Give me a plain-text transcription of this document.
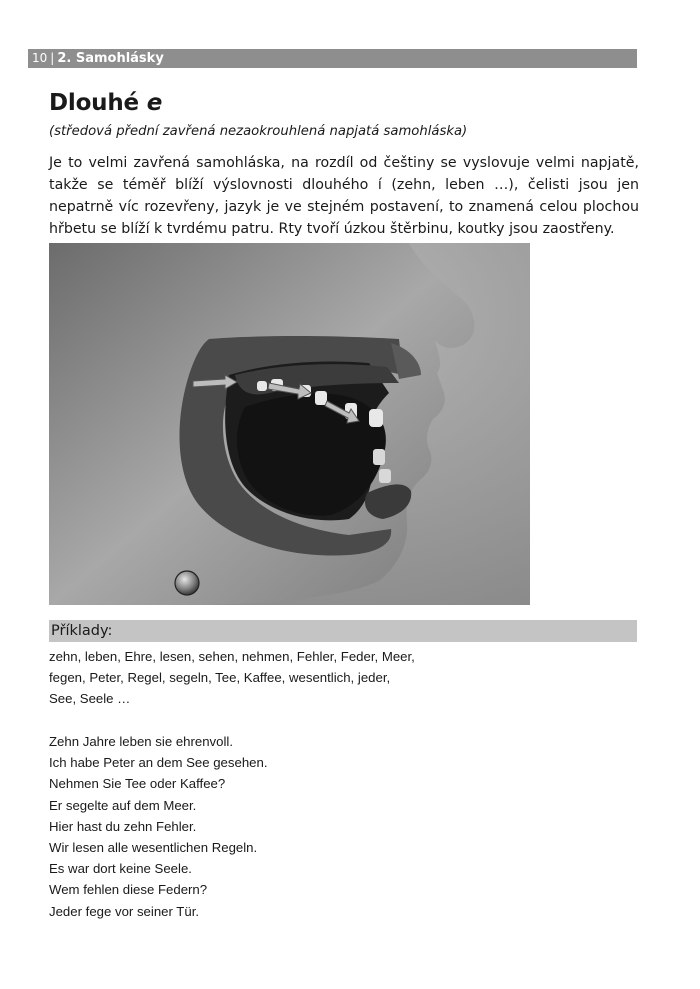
10 | 2. Samohlásky
Dlouhé e

(středová přední zavřená nezaokrouhlená napjatá samohláska)

Je to velmi zavřená samohláska, na rozdíl od češtiny se vyslovuje velmi napjatě, takže se téměř blíží výslovnosti dlouhého í (zehn, leben …), čelisti jsou jen nepatrně víc rozevřeny, jazyk je ve stejném postavení, to znamená celou plochou hřbetu se blíží k tvrdému patru. Rty tvoří úzkou štěrbinu, koutky jsou zaostřeny.

Příklady:

zehn, leben, Ehre, lesen, sehen, nehmen, Fehler, Feder, Meer,
fegen, Peter, Regel, segeln, Tee, Kaffee, wesentlich, jeder,
See, Seele …

Zehn Jahre leben sie ehrenvoll.
Ich habe Peter an dem See gesehen.
Nehmen Sie Tee oder Kaffee?
Er segelte auf dem Meer.
Hier hast du zehn Fehler.
Wir lesen alle wesentlichen Regeln.
Es war dort keine Seele.
Wem fehlen diese Federn?
Jeder fege vor seiner Tür.
